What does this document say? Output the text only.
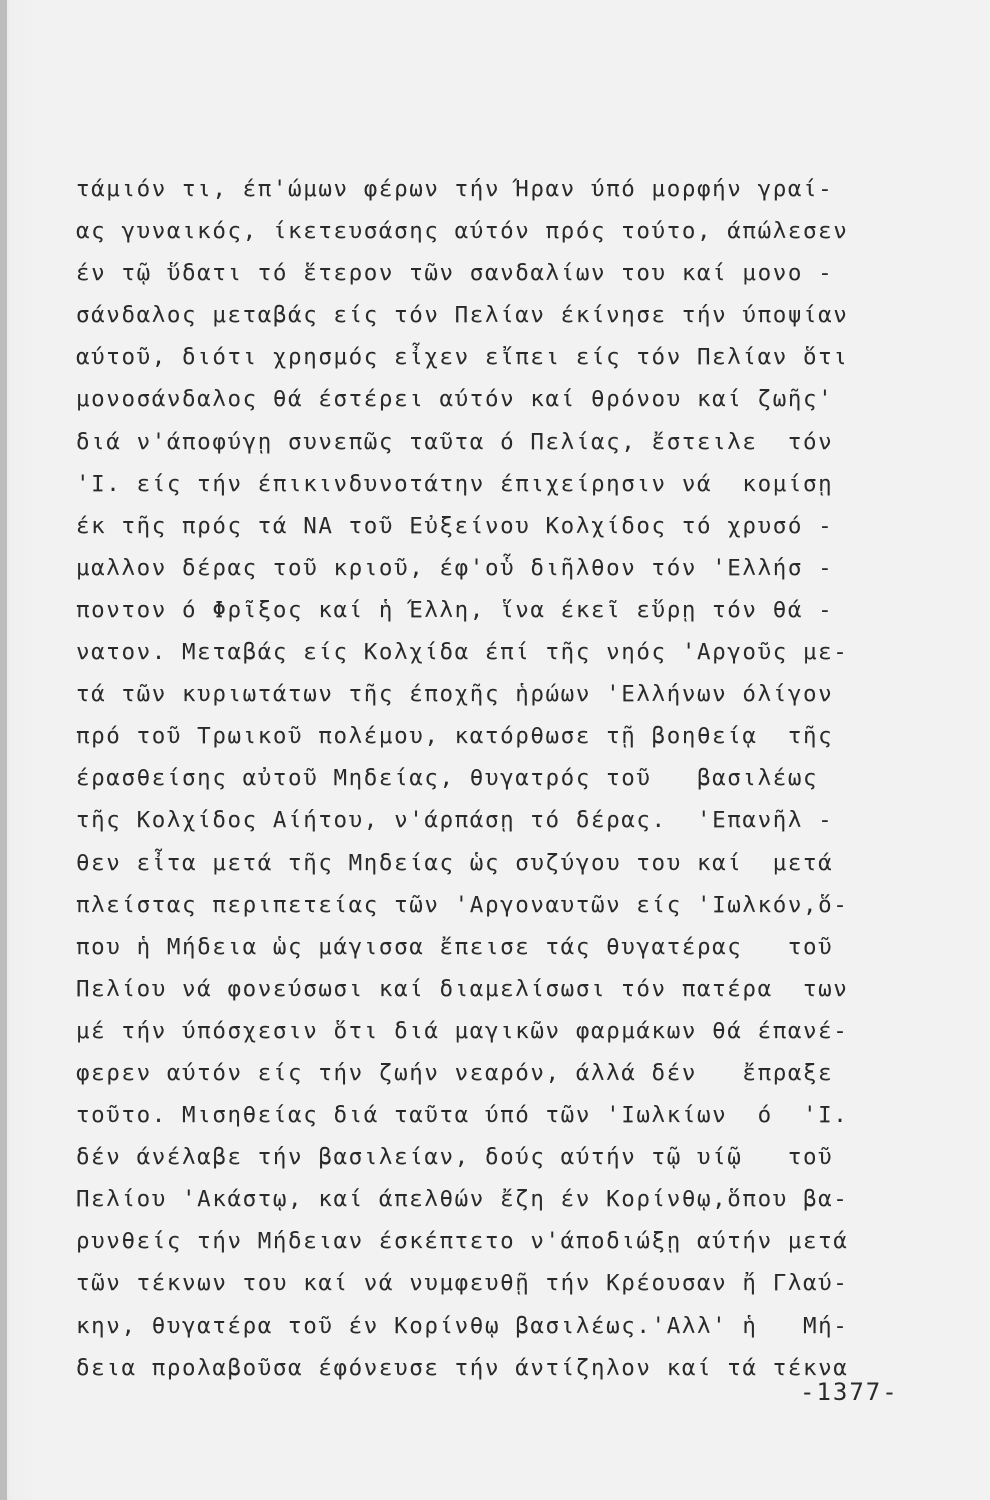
τάμιόν τι, έπ'ώμων φέρων τήν Ήραν ύπό μορφήν γραί-
ας γυναικός, ίκετευσάσης αύτόν πρός τούτο, άπώλεσεν
έν τῷ ὕδατι τό ἕτερον τῶν σανδαλίων του καί μονο -
σάνδαλος μεταβάς είς τόν Πελίαν έκίνησε τήν ύποψίαν
αύτοῦ, διότι χρησμός εἶχεν εἴπει είς τόν Πελίαν ὅτι
μονοσάνδαλος θά έστέρει αύτόν καί θρόνου καί ζωῆς'
διά ν'άποφύγῃ συνεπῶς ταῦτα ό Πελίας, ἔστειλε  τόν
'Ι. είς τήν έπικινδυνοτάτην έπιχείρησιν νά  κομίσῃ
έκ τῆς πρός τά ΝΑ τοῦ Εὐξείνου Κολχίδος τό χρυσό -
μαλλον δέρας τοῦ κριοῦ, έφ'οὗ διῆλθον τόν 'Ελλήσ -
ποντον ό Φρῖξος καί ἡ Έλλη, ἵνα έκεῖ εὕρῃ τόν θά -
νατον. Μεταβάς είς Κολχίδα έπί τῆς νηός 'Αργοῦς με-
τά τῶν κυριωτάτων τῆς έποχῆς ἡρώων 'Ελλήνων όλίγον
πρό τοῦ Τρωικοῦ πολέμου, κατόρθωσε τῇ βοηθείᾳ  τῆς
έρασθείσης αὐτοῦ Μηδείας, θυγατρός τοῦ   βασιλέως
τῆς Κολχίδος Αίήτου, ν'άρπάσῃ τό δέρας.  'Επανῆλ -
θεν εἶτα μετά τῆς Μηδείας ὡς συζύγου του καί  μετά
πλείστας περιπετείας τῶν 'Αργοναυτῶν είς 'Ιωλκόν,ὅ-
που ἡ Μήδεια ὡς μάγισσα ἔπεισε τάς θυγατέρας   τοῦ
Πελίου νά φονεύσωσι καί διαμελίσωσι τόν πατέρα  των
μέ τήν ύπόσχεσιν ὅτι διά μαγικῶν φαρμάκων θά έπανέ-
φερεν αύτόν είς τήν ζωήν νεαρόν, άλλά δέν   ἔπραξε
τοῦτο. Μισηθείας διά ταῦτα ύπό τῶν 'Ιωλκίων  ό  'Ι.
δέν άνέλαβε τήν βασιλείαν, δούς αύτήν τῷ υίῷ   τοῦ
Πελίου 'Ακάστῳ, καί άπελθών ἔζη έν Κορίνθῳ,ὅπου βα-
ρυνθείς τήν Μήδειαν έσκέπτετο ν'άποδιώξῃ αύτήν μετά
τῶν τέκνων του καί νά νυμφευθῇ τήν Κρέουσαν ἤ Γλαύ-
κην, θυγατέρα τοῦ έν Κορίνθῳ βασιλέως.'Αλλ' ἡ   Μή-
δεια προλαβοῦσα έφόνευσε τήν άντίζηλον καί τά τέκνα
-1377-
